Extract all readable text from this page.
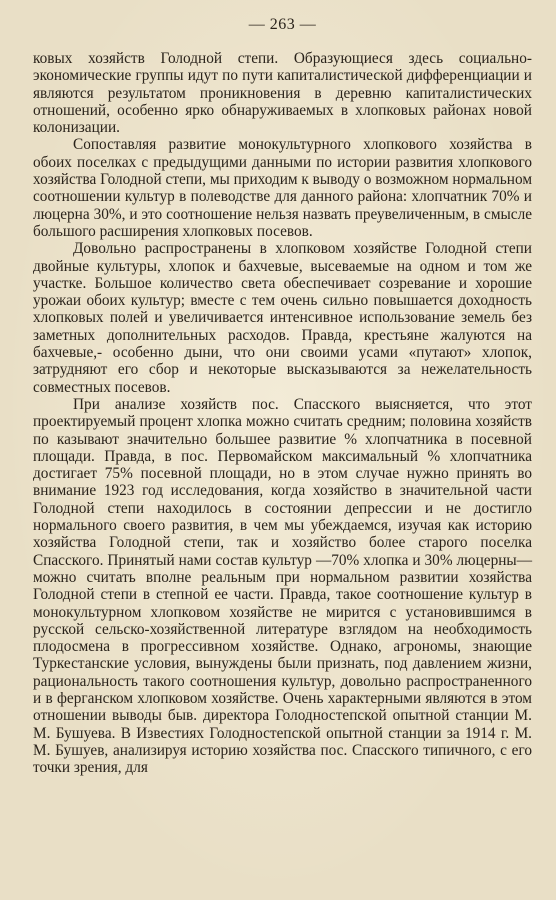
— 263 —

ковых хозяйств Голодной степи. Образующиеся здесь социально-экономические группы идут по пути капиталистической дифференциации и являются результатом проникновения в деревню капиталистических отношений, особенно ярко обнаруживаемых в хлопковых районах новой колонизации.

Сопоставляя развитие монокультурного хлопкового хозяйства в обоих поселках с предыдущими данными по истории развития хлопкового хозяйства Голодной степи, мы приходим к выводу о возможном нормальном соотношении культур в полеводстве для данного района: хлопчатник 70% и люцерна 30%, и это соотношение нельзя назвать преувеличенным, в смысле большого расширения хлопковых посевов.

Довольно распространены в хлопковом хозяйстве Голодной степи двойные культуры, хлопок и бахчевые, высеваемые на одном и том же участке. Большое количество света обеспечивает созревание и хорошие урожаи обоих культур; вместе с тем очень сильно повышается доходность хлопковых полей и увеличивается интенсивное использование земель без заметных дополнительных расходов. Правда, крестьяне жалуются на бахчевые,- особенно дыни, что они своими усами «путают» хлопок, затрудняют его сбор и некоторые высказываются за нежелательность совместных посевов.

При анализе хозяйств пос. Спасского выясняется, что этот проектируемый процент хлопка можно считать средним; половина хозяйств по казывают значительно большее развитие % хлопчатника в посевной площади. Правда, в пос. Первомайском максимальный % хлопчатника достигает 75% посевной площади, но в этом случае нужно принять во внимание 1923 год исследования, когда хозяйство в значительной части Голодной степи находилось в состоянии депрессии и не достигло нормального своего развития, в чем мы убеждаемся, изучая как историю хозяйства Голодной степи, так и хозяйство более старого поселка Спасского. Принятый нами состав культур —70% хлопка и 30% люцерны— можно считать вполне реальным при нормальном развитии хозяйства Голодной степи в степной ее части. Правда, такое соотношение культур в монокультурном хлопковом хозяйстве не мирится с установившимся в русской сельско-хозяйственной литературе взглядом на необходимость плодосмена в прогрессивном хозяйстве. Однако, агрономы, знающие Туркестанские условия, вынуждены были признать, под давлением жизни, рациональность такого соотношения культур, довольно распространенного и в ферганском хлопковом хозяйстве. Очень характерными являются в этом отношении выводы быв. директора Голодностепской опытной станции М. М. Бушуева. В Известиях Голодностепской опытной станции за 1914 г. М. М. Бушуев, анализируя историю хозяйства пос. Спасского типичного, с его точки зрения, для
